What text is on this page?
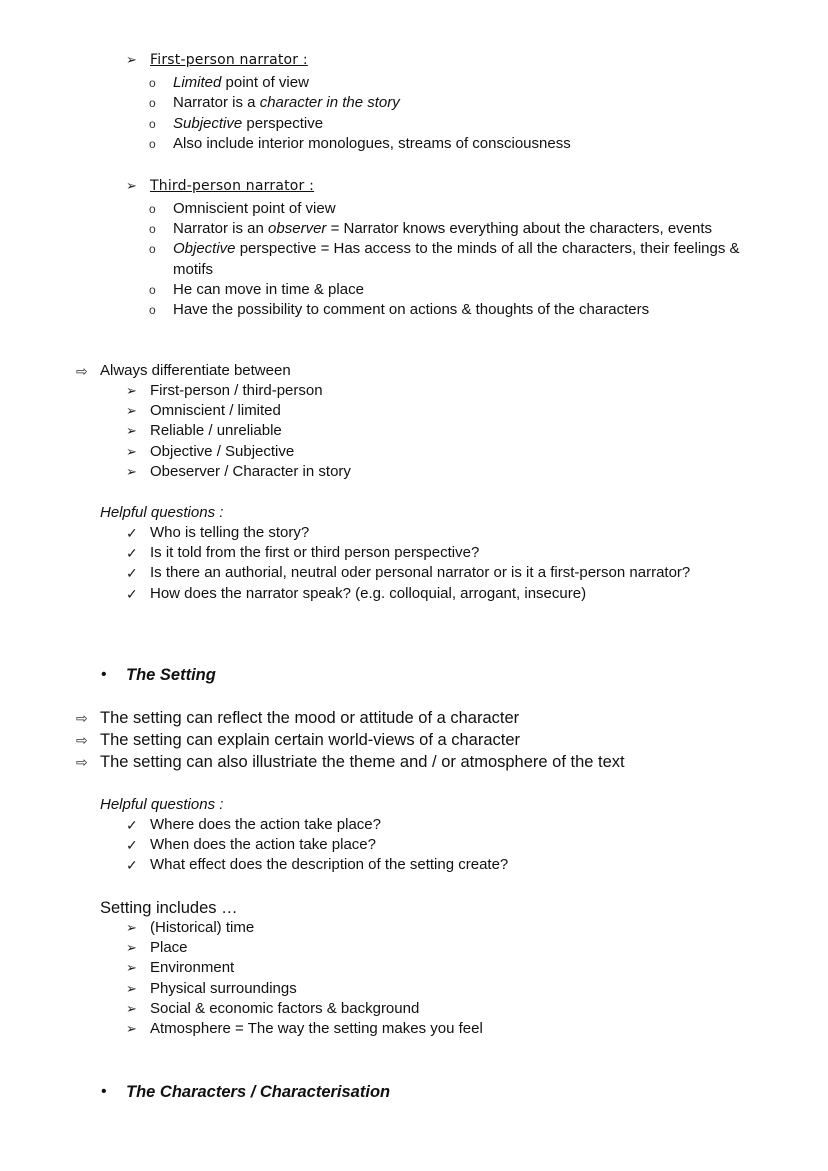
➢ First-person narrator :
o Limited point of view
o Narrator is a character in the story
o Subjective perspective
o Also include interior monologues, streams of consciousness
➢ Third-person narrator :
o Omniscient point of view
o Narrator is an observer = Narrator knows everything about the characters, events
o Objective perspective = Has access to the minds of all the characters, their feelings &
motifs
o He can move in time & place
o Have the possibility to comment on actions & thoughts of the characters
⇨ Always differentiate between
➢ First-person / third-person
➢ Omniscient / limited
➢ Reliable / unreliable
➢ Objective / Subjective
➢ Obeserver / Character in story
Helpful questions :
✓ Who is telling the story?
✓ Is it told from the first or third person perspective?
✓ Is there an authorial, neutral oder personal narrator or is it a first-person narrator?
✓ How does the narrator speak? (e.g. colloquial, arrogant, insecure)
• The Setting
⇨ The setting can reflect the mood or attitude of a character
⇨ The setting can explain certain world-views of a character
⇨ The setting can also illustriate the theme and / or atmosphere of the text
Helpful questions :
✓ Where does the action take place?
✓ When does the action take place?
✓ What effect does the description of the setting create?
Setting includes …
➢ (Historical) time
➢ Place
➢ Environment
➢ Physical surroundings
➢ Social & economic factors & background
➢ Atmosphere = The way the setting makes you feel
• The Characters / Characterisation
